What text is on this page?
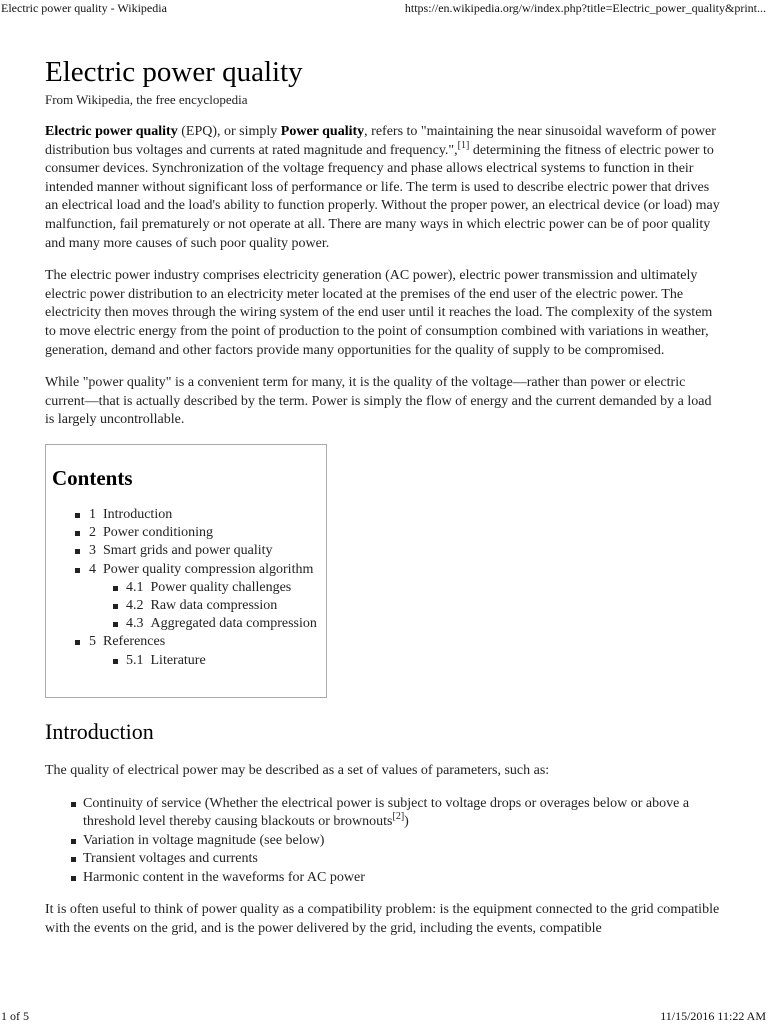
Electric power quality - Wikipedia	https://en.wikipedia.org/w/index.php?title=Electric_power_quality&print...
Electric power quality
From Wikipedia, the free encyclopedia

Electric power quality (EPQ), or simply Power quality, refers to "maintaining the near sinusoidal waveform of power distribution bus voltages and currents at rated magnitude and frequency.",[1] determining the fitness of electric power to consumer devices. Synchronization of the voltage frequency and phase allows electrical systems to function in their intended manner without significant loss of performance or life. The term is used to describe electric power that drives an electrical load and the load's ability to function properly. Without the proper power, an electrical device (or load) may malfunction, fail prematurely or not operate at all. There are many ways in which electric power can be of poor quality and many more causes of such poor quality power.

The electric power industry comprises electricity generation (AC power), electric power transmission and ultimately electric power distribution to an electricity meter located at the premises of the end user of the electric power. The electricity then moves through the wiring system of the end user until it reaches the load. The complexity of the system to move electric energy from the point of production to the point of consumption combined with variations in weather, generation, demand and other factors provide many opportunities for the quality of supply to be compromised.

While "power quality" is a convenient term for many, it is the quality of the voltage—rather than power or electric current—that is actually described by the term. Power is simply the flow of energy and the current demanded by a load is largely uncontrollable.

Contents
1 Introduction
2 Power conditioning
3 Smart grids and power quality
4 Power quality compression algorithm
4.1 Power quality challenges
4.2 Raw data compression
4.3 Aggregated data compression
5 References
5.1 Literature
Introduction

The quality of electrical power may be described as a set of values of parameters, such as:

Continuity of service (Whether the electrical power is subject to voltage drops or overages below or above a threshold level thereby causing blackouts or brownouts[2])
Variation in voltage magnitude (see below)
Transient voltages and currents
Harmonic content in the waveforms for AC power

It is often useful to think of power quality as a compatibility problem: is the equipment connected to the grid compatible with the events on the grid, and is the power delivered by the grid, including the events, compatible

1 of 5	11/15/2016 11:22 AM
